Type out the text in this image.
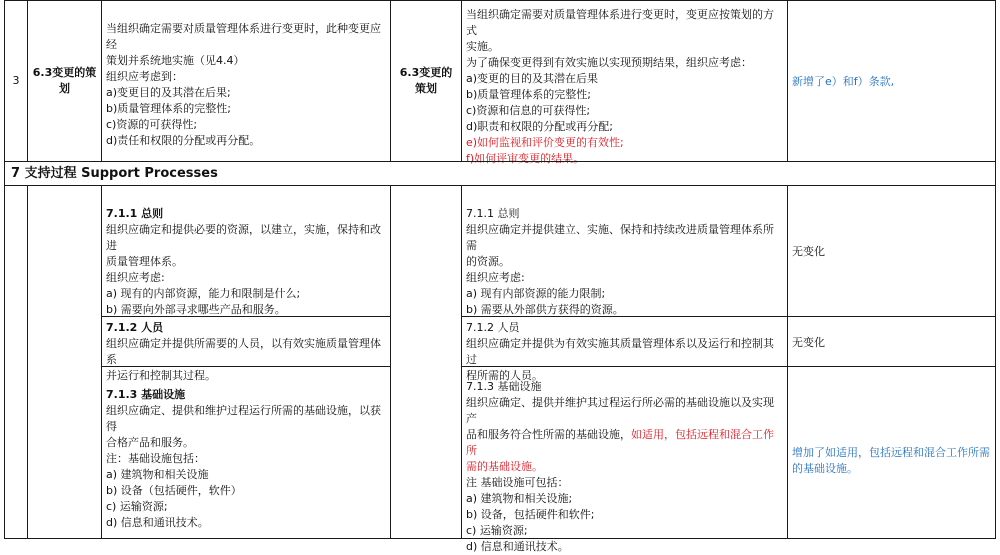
3
6.3变更的策划
当组织确定需要对质量管理体系进行变更时，此种变更应经
策划并系统地实施（见4.4）
组织应考虑到：
a)变更目的及其潜在后果;
b)质量管理体系的完整性;
c)资源的可获得性;
d)责任和权限的分配或再分配。
6.3变更的策划
当组织确定需要对质量管理体系进行变更时，变更应按策划的方式
实施。
为了确保变更得到有效实施以实现预期结果，组织应考虑：
a)变更的目的及其潜在后果
b)质量管理体系的完整性;
c)资源和信息的可获得性;
d)职责和权限的分配或再分配;
e)如何监视和评价变更的有效性;
f)如何评审变更的结果。
新增了e）和f）条款,
7 支持过程 Support Processes
7.1.1 总则
组织应确定和提供必要的资源，以建立，实施，保持和改进
质量管理体系。
组织应考虑:
a) 现有的内部资源，能力和限制是什么;
b) 需要向外部寻求哪些产品和服务。
7.1.1 总则
组织应确定并提供建立、实施、保持和持续改进质量管理体系所需
的资源。
组织应考虑:
a) 现有内部资源的能力限制;
b) 需要从外部供方获得的资源。
无变化
7.1.2 人员
组织应确定并提供所需要的人员，以有效实施质量管理体系
并运行和控制其过程。
7.1.2 人员
组织应确定并提供为有效实施其质量管理体系以及运行和控制其过
程所需的人员。
无变化
7.1.3 基础设施
组织应确定、提供和维护过程运行所需的基础设施，以获得
合格产品和服务。
注：基础设施包括：
a) 建筑物和相关设施
b) 设备（包括硬件，软件）
c) 运输资源;
d) 信息和通讯技术。
7.1.3 基础设施
组织应确定、提供并维护其过程运行所必需的基础设施以及实现产
品和服务符合性所需的基础设施，如适用，包括远程和混合工作所
需的基础设施。
注 基础设施可包括：
a) 建筑物和相关设施;
b) 设备，包括硬件和软件;
c) 运输资源;
d) 信息和通讯技术。
增加了如适用，包括远程和混合工作所需
的基础设施。
